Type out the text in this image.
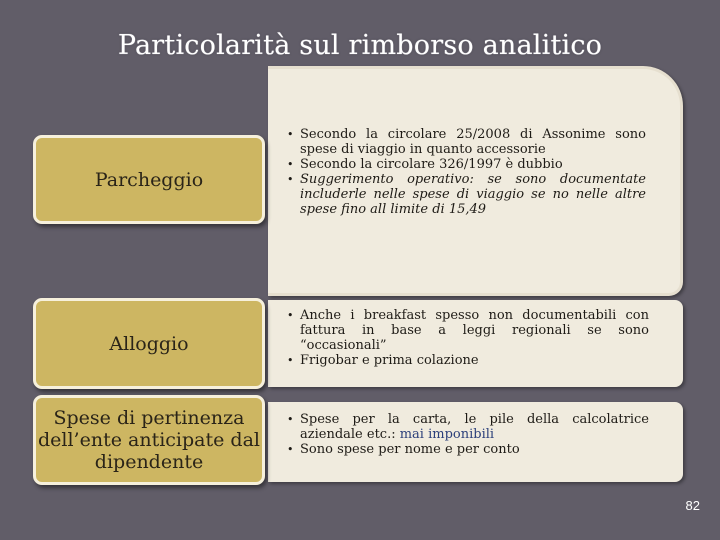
Particolarità sul rimborso analitico
• Secondo la circolare 25/2008 di Assonime sono spese di viaggio in quanto accessorie
• Secondo la circolare 326/1997 è dubbio
• Suggerimento operativo: se sono documentate includerle nelle spese di viaggio se no nelle altre spese fino all limite di 15,49
Parcheggio
• Anche i breakfast spesso non documentabili con fattura in base a leggi regionali se sono “occasionali”
• Frigobar e prima colazione
Alloggio
• Spese per la carta, le pile della calcolatrice aziendale etc.: mai imponibili
• Sono spese per nome e per conto
Spese di pertinenza dell’ente anticipate dal dipendente
82
